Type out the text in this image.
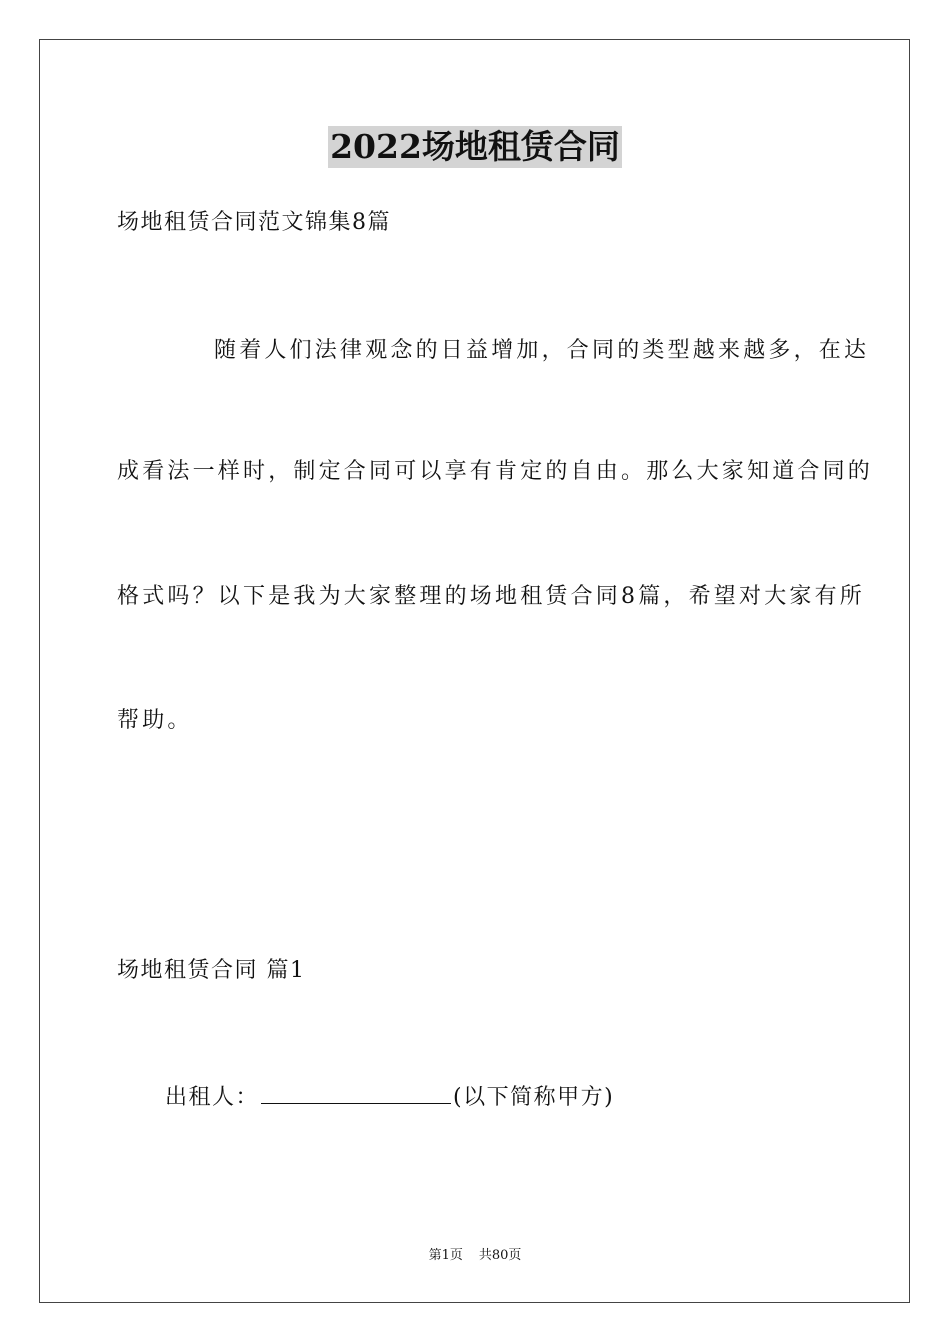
2022场地租赁合同
场地租赁合同范文锦集8篇
随着人们法律观念的日益增加，合同的类型越来越多，在达
成看法一样时，制定合同可以享有肯定的自由。那么大家知道合同的
格式吗？以下是我为大家整理的场地租赁合同8篇，希望对大家有所
帮助。
场地租赁合同 篇1
出租人：	(以下简称甲方)
第1页 共80页
